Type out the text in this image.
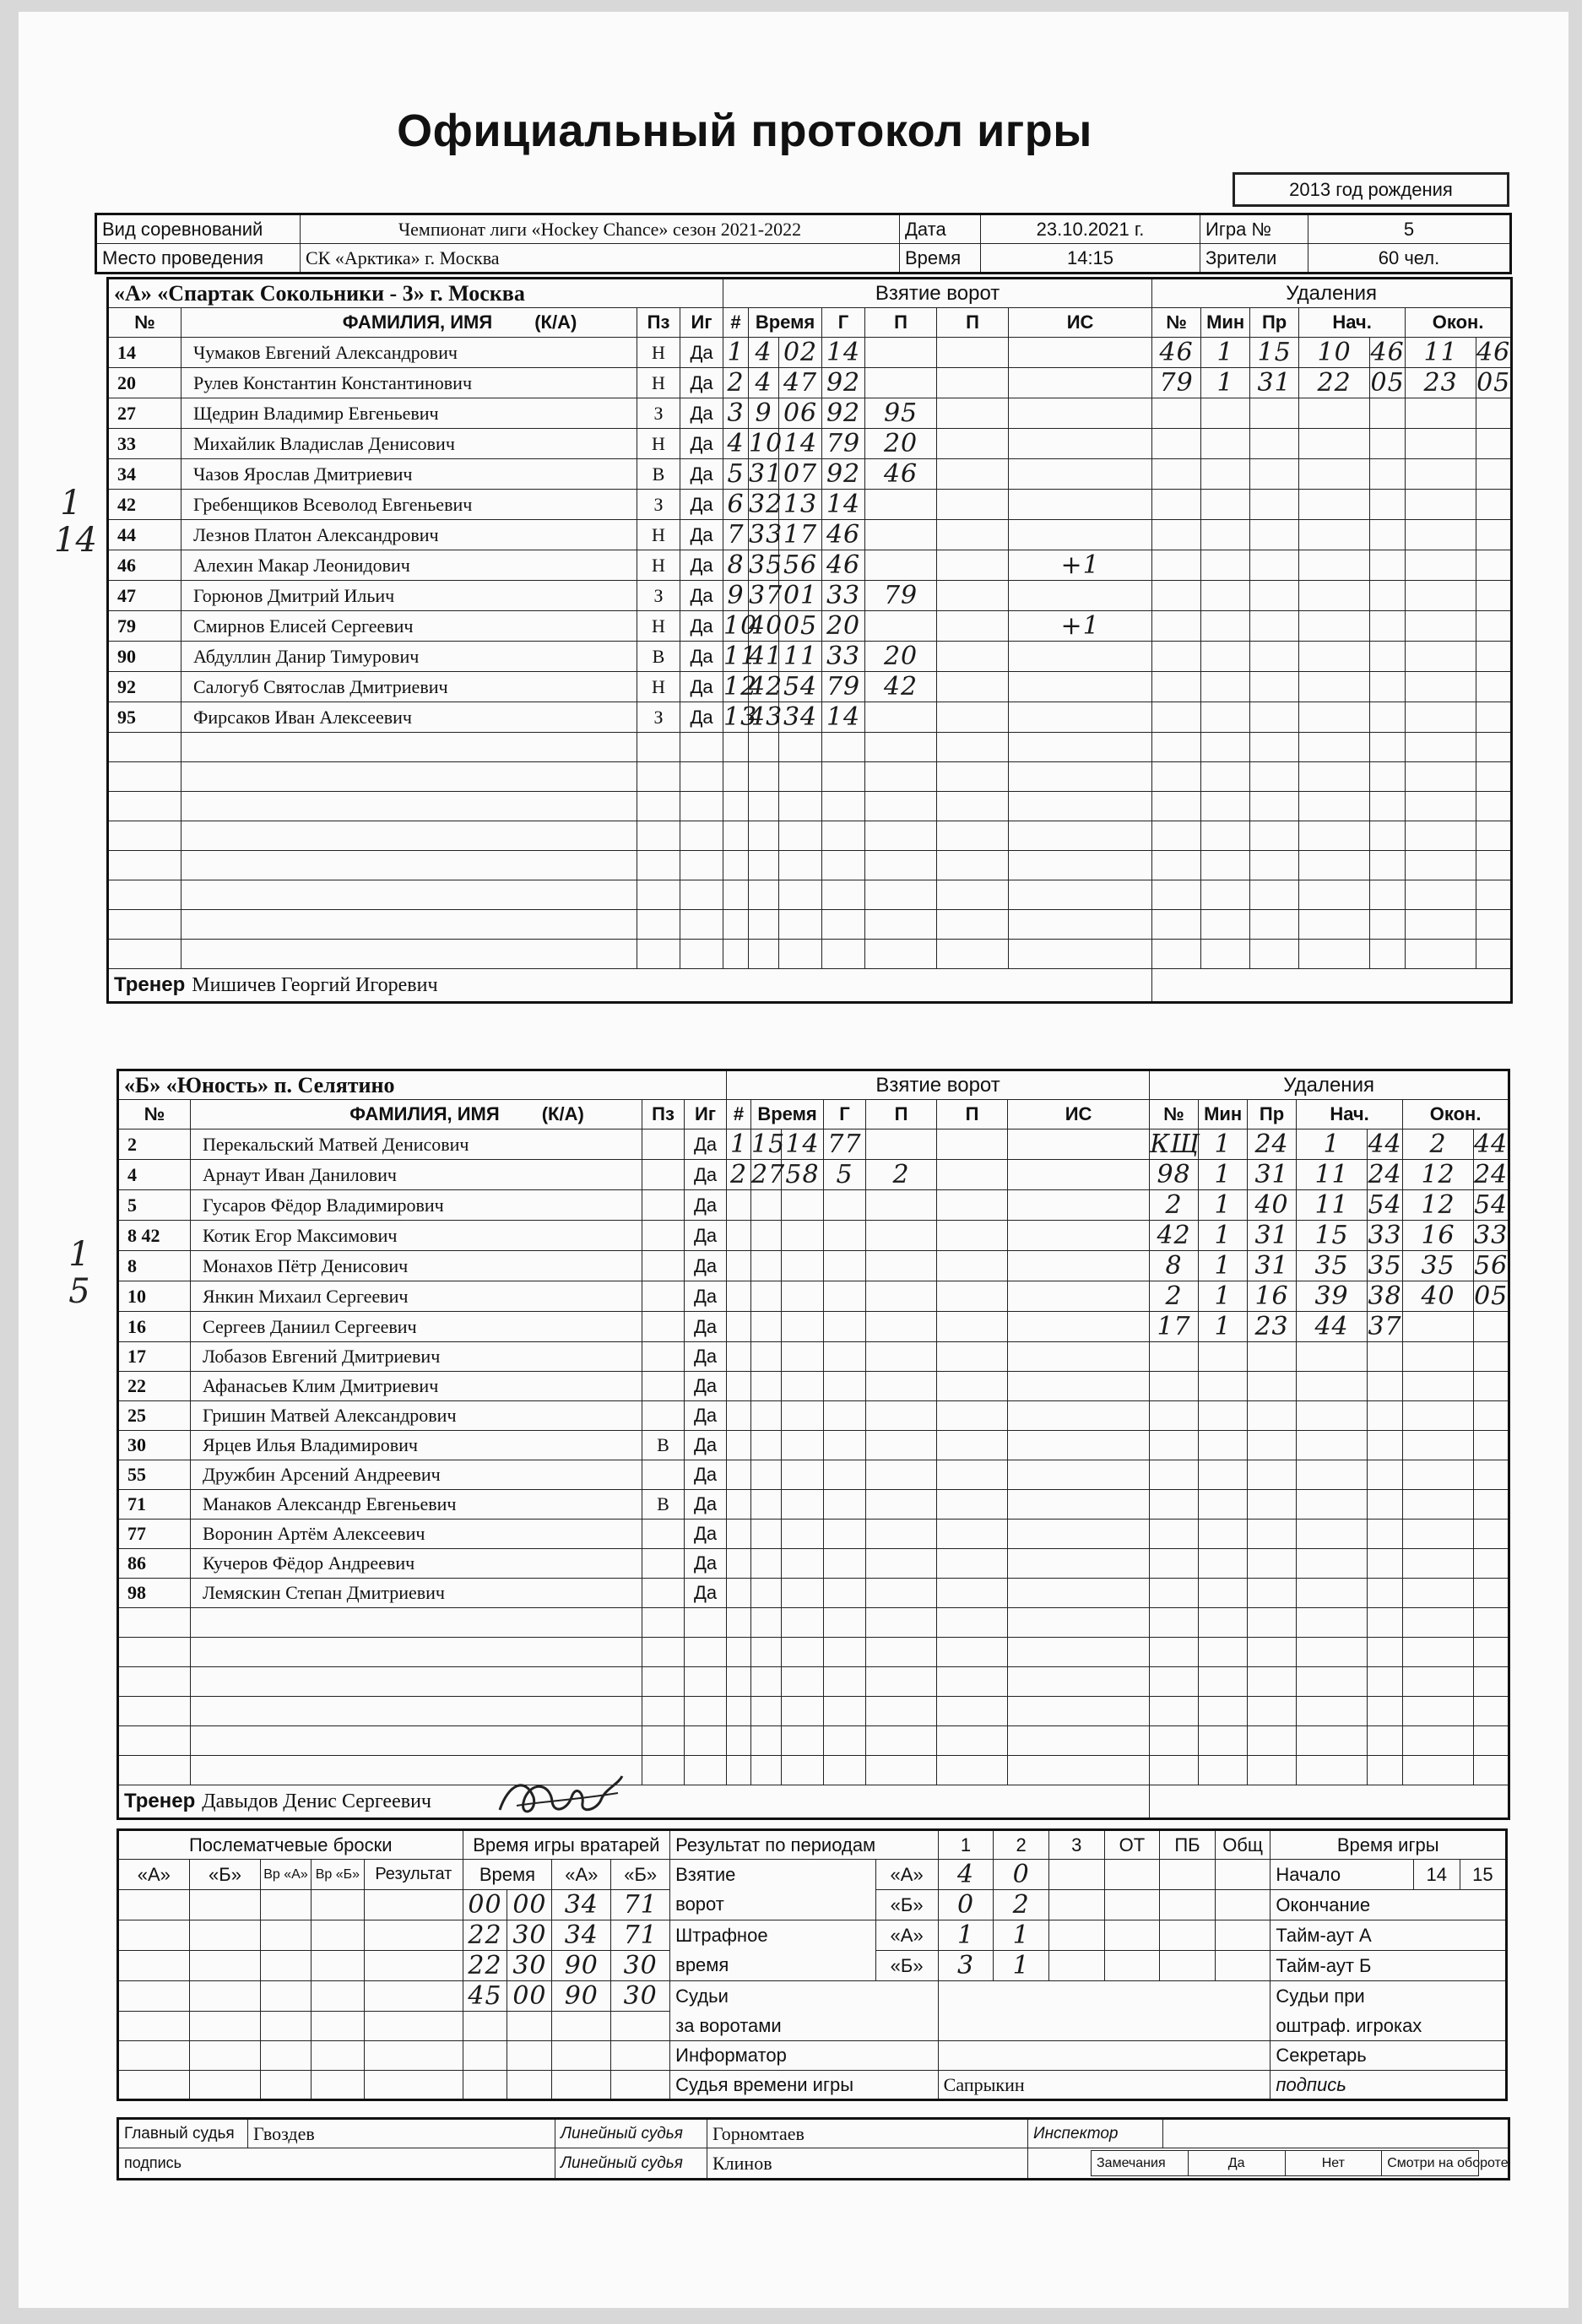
Официальный протокол игры
2013 год рождения
Вид соревнований	Чемпионат лиги «Hockey Chance» сезон 2021-2022	Дата	23.10.2021 г.	Игра №	5
Место проведения	СК «Арктика» г. Москва	Время	14:15	Зрители	60 чел.
«А» «Спартак Сокольники - 3» г. Москва				Взятие ворот							Удаления						
№	ФАМИЛИЯ, ИМЯ (К/А)	Пз	Иг	#	Время		Г	П	П	ИС	№	Мин	Пр	Нач.		Окон.	
14	Чумаков Евгений Александрович	Н	Да	1	4	02	14				46	1	15	10	46	11	46
20	Рулев Константин Константинович	Н	Да	2	4	47	92				79	1	31	22	05	23	05
27	Щедрин Владимир Евгеньевич	З	Да	3	9	06	92	95									
33	Михайлик Владислав Денисович	Н	Да	4	10	14	79	20									
34	Чазов Ярослав Дмитриевич	В	Да	5	31	07	92	46									
42	Гребенщиков Всеволод Евгеньевич	З	Да	6	32	13	14										
44	Лезнов Платон Александрович	Н	Да	7	33	17	46										
46	Алехин Макар Леонидович	Н	Да	8	35	56	46			+1							
47	Горюнов Дмитрий Ильич	З	Да	9	37	01	33	79									
79	Смирнов Елисей Сергеевич	Н	Да	10	40	05	20			+1							
90	Абдуллин Данир Тимурович	В	Да	11	41	11	33	20									
92	Салогуб Святослав Дмитриевич	Н	Да	12	42	54	79	42									
95	Фирсаков Иван Алексеевич	З	Да	13	43	34	14										

Тренер Мишичев Георгий Игоревич																	
«Б» «Юность» п. Селятино				Взятие ворот							Удаления						
№	ФАМИЛИЯ, ИМЯ (К/А)	Пз	Иг	#	Время		Г	П	П	ИС	№	Мин	Пр	Нач.		Окон.	
2	Перекальский Матвей Денисович		Да	1	15	14	77				КЩ	1	24	1	44	2	44
4	Арнаут Иван Данилович		Да	2	27	58	5	2			98	1	31	11	24	12	24
5	Гусаров Фёдор Владимирович		Да								2	1	40	11	54	12	54
8 42	Котик Егор Максимович		Да								42	1	31	15	33	16	33
8	Монахов Пётр Денисович		Да								8	1	31	35	35	35	56
10	Янкин Михаил Сергеевич		Да								2	1	16	39	38	40	05
16	Сергеев Даниил Сергеевич		Да								17	1	23	44	37		
17	Лобазов Евгений Дмитриевич		Да														
22	Афанасьев Клим Дмитриевич		Да														
25	Гришин Матвей Александрович		Да														
30	Ярцев Илья Владимирович	В	Да														
55	Дружбин Арсений Андреевич		Да														
71	Манаков Александр Евгеньевич	В	Да														
77	Воронин Артём Алексеевич		Да														
86	Кучеров Фёдор Андреевич		Да														
98	Лемяскин Степан Дмитриевич		Да														

Тренер Давыдов Денис Сергеевич																	
Послематчевые броски					Время игры вратарей				Результат по периодам		1	2	3	ОТ	ПБ	Общ	Время игры		
«А»	«Б»	Вр «А»	Вр «Б»	Результат	Время		«А»	«Б»	Взятие	«А»	4	0					Начало	14	15
					00	00	34	71	ворот	«Б»	0	2					Окончание		
					22	30	34	71	Штрафное	«А»	1	1					Тайм-аут А		
					22	30	90	30	время	«Б»	3	1					Тайм-аут Б		
					45	00	90	30	Судьи								Судьи при		
									за воротами								oштраф. игроках		
									Информатор								Секретарь		
									Судья времени игры		Сапрыкин						подпись		
Главный судья	Гвоздев	Линейный судья	Горномтаев	Инспектор	
подпись	Линейный судья	Клинов		Замечания	Да	Нет	Смотри на обороте
1
14
1
5
